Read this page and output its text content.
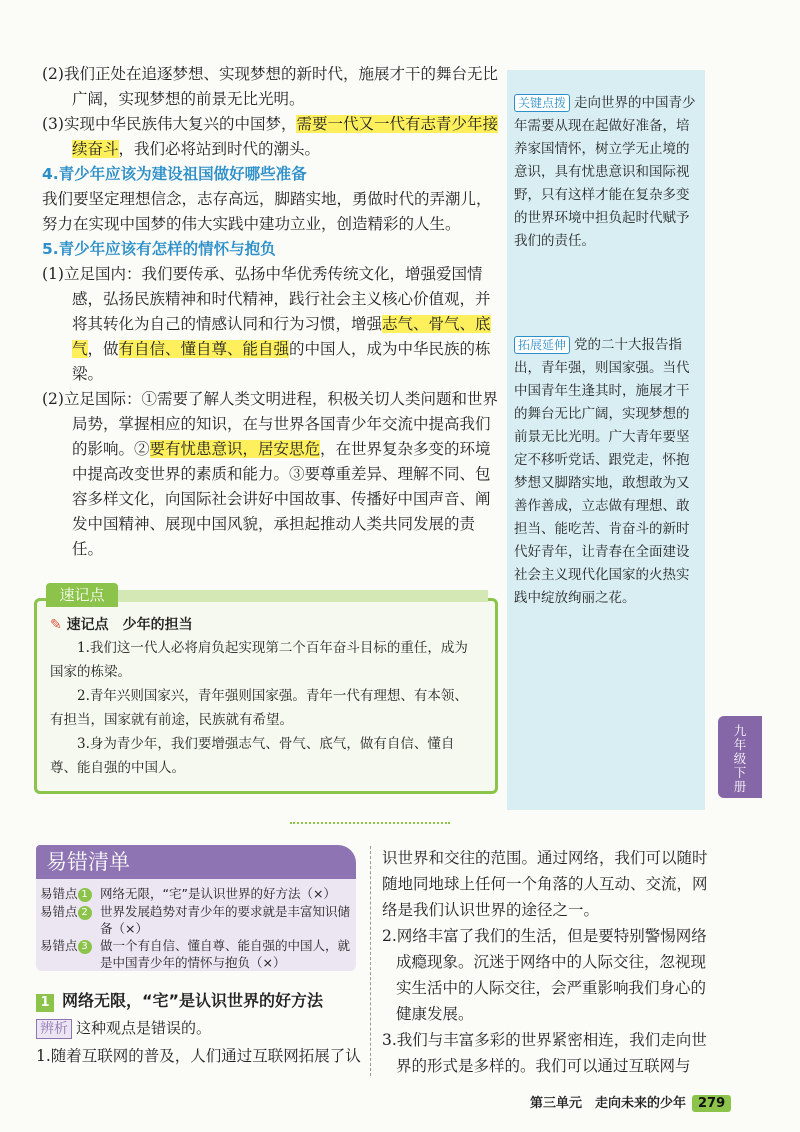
(2)我们正处在追逐梦想、实现梦想的新时代，施展才干的舞台无比广阔，实现梦想的前景无比光明。

(3)实现中华民族伟大复兴的中国梦，需要一代又一代有志青少年接续奋斗，我们必将站到时代的潮头。

4.青少年应该为建设祖国做好哪些准备

我们要坚定理想信念，志存高远，脚踏实地，勇做时代的弄潮儿，努力在实现中国梦的伟大实践中建功立业，创造精彩的人生。

5.青少年应该有怎样的情怀与抱负

(1)立足国内：我们要传承、弘扬中华优秀传统文化，增强爱国情感，弘扬民族精神和时代精神，践行社会主义核心价值观，并将其转化为自己的情感认同和行为习惯，增强志气、骨气、底气，做有自信、懂自尊、能自强的中国人，成为中华民族的栋梁。

(2)立足国际：①需要了解人类文明进程，积极关切人类问题和世界局势，掌握相应的知识，在与世界各国青少年交流中提高我们的影响。②要有忧患意识，居安思危，在世界复杂多变的环境中提高改变世界的素质和能力。③要尊重差异、理解不同、包容多样文化，向国际社会讲好中国故事、传播好中国声音、阐发中国精神、展现中国风貌，承担起推动人类共同发展的责任。

关键点拨 走向世界的中国青少年需要从现在起做好准备，培养家国情怀，树立学无止境的意识，具有忧患意识和国际视野，只有这样才能在复杂多变的世界环境中担负起时代赋予我们的责任。
拓展延伸 党的二十大报告指出，青年强，则国家强。当代中国青年生逢其时，施展才干的舞台无比广阔，实现梦想的前景无比光明。广大青年要坚定不移听党话、跟党走，怀抱梦想又脚踏实地，敢想敢为又善作善成，立志做有理想、敢担当、能吃苦、肯奋斗的新时代好青年，让青春在全面建设社会主义现代化国家的火热实践中绽放绚丽之花。
速记点
✎ 速记点　少年的担当

1.我们这一代人必将肩负起实现第二个百年奋斗目标的重任，成为国家的栋梁。

2.青年兴则国家兴，青年强则国家强。青年一代有理想、有本领、有担当，国家就有前途，民族就有希望。

3.身为青少年，我们要增强志气、骨气、底气，做有自信、懂自尊、能自强的中国人。

九
年
级
下
册
易错清单
易错点 1 网络无限，“宅”是认识世界的好方法（×）
易错点 2 世界发展趋势对青少年的要求就是丰富知识储备（×）
易错点 3 做一个有自信、懂自尊、能自强的中国人，就是中国青少年的情怀与抱负（×）
1 网络无限，“宅”是认识世界的好方法
辨析 这种观点是错误的。
1.随着互联网的普及，人们通过互联网拓展了认

识世界和交往的范围。通过网络，我们可以随时随地同地球上任何一个角落的人互动、交流，网络是我们认识世界的途径之一。

2.网络丰富了我们的生活，但是要特别警惕网络成瘾现象。沉迷于网络中的人际交往，忽视现实生活中的人际交往，会严重影响我们身心的健康发展。

3.我们与丰富多彩的世界紧密相连，我们走向世界的形式是多样的。我们可以通过互联网与

第三单元　走向未来的少年 279
